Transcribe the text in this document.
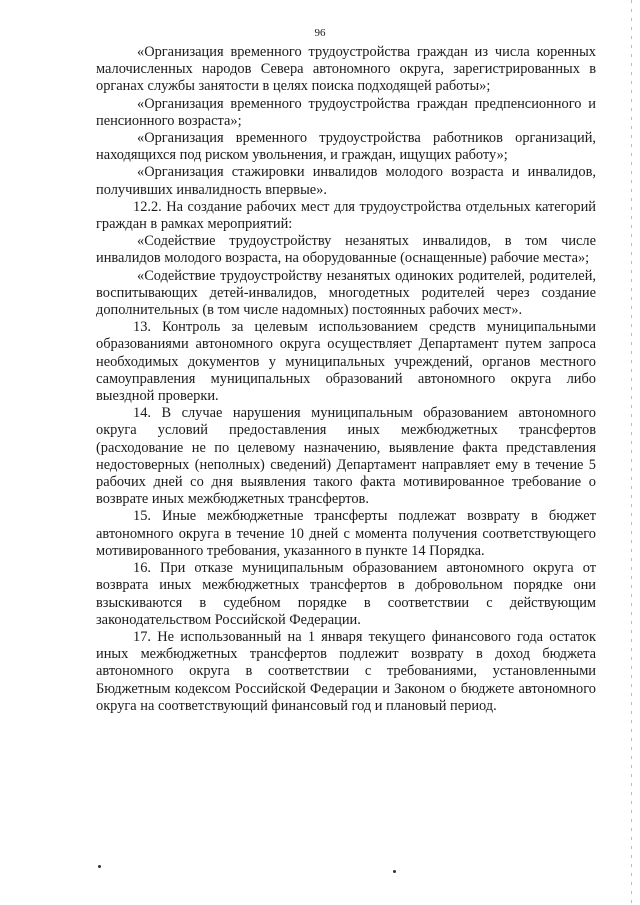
96

«Организация временного трудоустройства граждан из числа коренных малочисленных народов Севера автономного округа, зарегистрированных в органах службы занятости в целях поиска подходящей работы»;

«Организация временного трудоустройства граждан предпенсионного и пенсионного возраста»;

«Организация временного трудоустройства работников организаций, находящихся под риском увольнения, и граждан, ищущих работу»;

«Организация стажировки инвалидов молодого возраста и инвалидов, получивших инвалидность впервые».

12.2. На создание рабочих мест для трудоустройства отдельных категорий граждан в рамках мероприятий:

«Содействие трудоустройству незанятых инвалидов, в том числе инвалидов молодого возраста, на оборудованные (оснащенные) рабочие места»;

«Содействие трудоустройству незанятых одиноких родителей, родителей, воспитывающих детей-инвалидов, многодетных родителей через создание дополнительных (в том числе надомных) постоянных рабочих мест».

13. Контроль за целевым использованием средств муниципальными образованиями автономного округа осуществляет Департамент путем запроса необходимых документов у муниципальных учреждений, органов местного самоуправления муниципальных образований автономного округа либо выездной проверки.

14. В случае нарушения муниципальным образованием автономного округа условий предоставления иных межбюджетных трансфертов (расходование не по целевому назначению, выявление факта представления недостоверных (неполных) сведений) Департамент направляет ему в течение 5 рабочих дней со дня выявления такого факта мотивированное требование о возврате иных межбюджетных трансфертов.

15. Иные межбюджетные трансферты подлежат возврату в бюджет автономного округа в течение 10 дней с момента получения соответствующего мотивированного требования, указанного в пункте 14 Порядка.

16. При отказе муниципальным образованием автономного округа от возврата иных межбюджетных трансфертов в добровольном порядке они взыскиваются в судебном порядке в соответствии с действующим законодательством Российской Федерации.

17. Не использованный на 1 января текущего финансового года остаток иных межбюджетных трансфертов подлежит возврату в доход бюджета автономного округа в соответствии с требованиями, установленными Бюджетным кодексом Российской Федерации и Законом о бюджете автономного округа на соответствующий финансовый год и плановый период.
